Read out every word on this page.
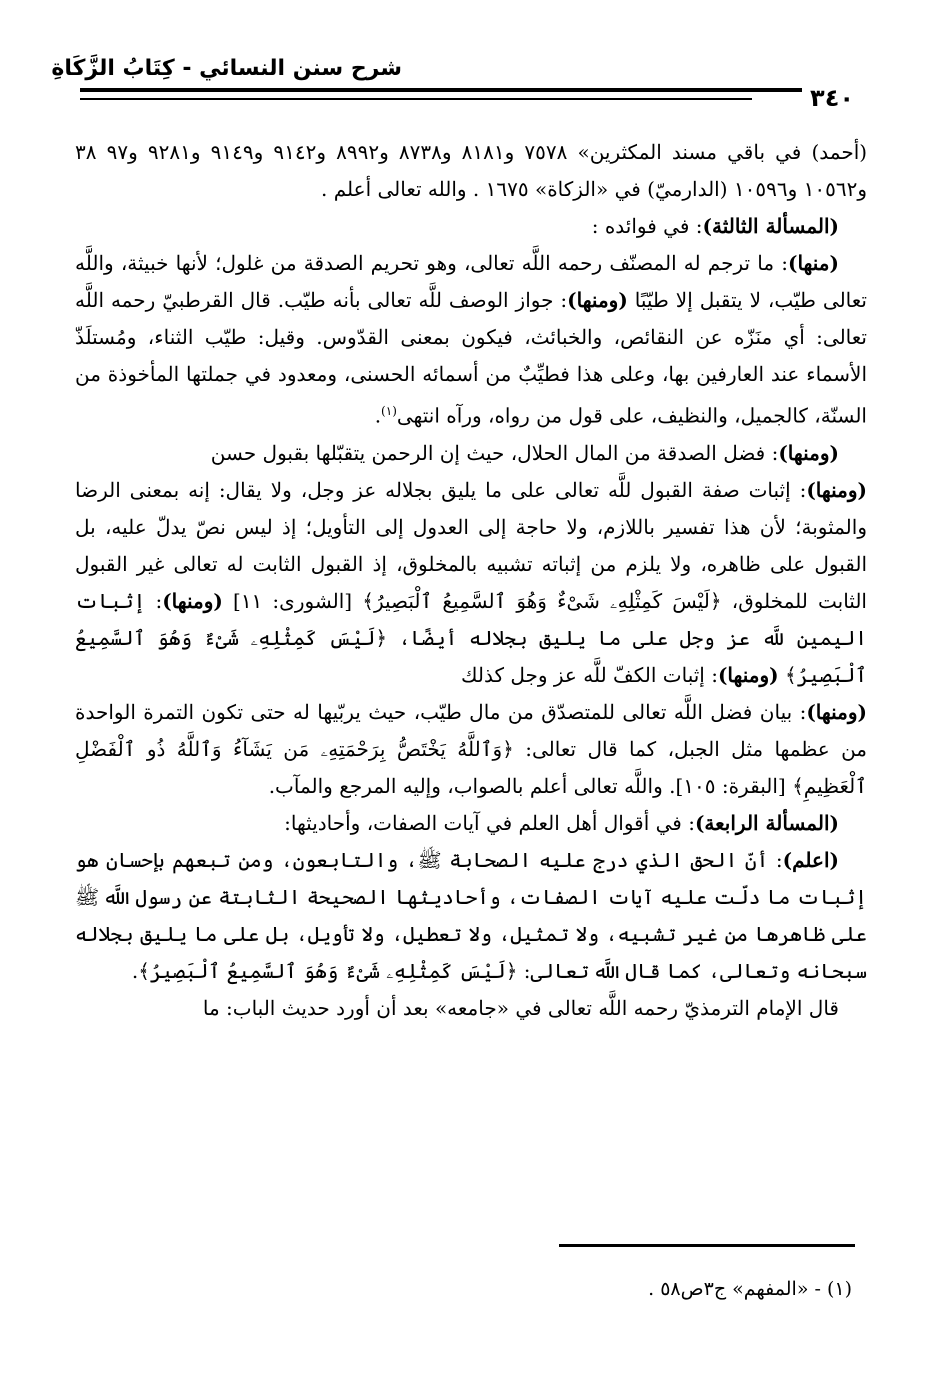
شرح سنن النسائي - كِتَابُ الزَّكَاةِ
٣٤٠

(أحمد) في باقي مسند المكثرين» ٧٥٧٨ و٨١٨١ و٨٧٣٨ و٨٩٩٢ و٩١٤٢ و٩١٤٩ و٩٢٨١ و٩٧ ٣٨ و١٠٥٦٢ و١٠٥٩٦ (الدارميّ) في «الزكاة» ١٦٧٥ . والله تعالى أعلم .

(المسألة الثالثة): في فوائده :

(منها): ما ترجم له المصنّف رحمه اللَّه تعالى، وهو تحريم الصدقة من غلول؛ لأنها خبيثة، واللَّه تعالى طيّب، لا يتقبل إلا طيّبًا (ومنها): جواز الوصف للَّه تعالى بأنه طيّب. قال القرطبيّ رحمه اللَّه تعالى: أي منَزّه عن النقائص، والخبائث، فيكون بمعنى القدّوس. وقيل: طيّب الثناء، ومُستلَذّ الأسماء عند العارفين بها، وعلى هذا فطيِّبٌ من أسمائه الحسنى، ومعدود في جملتها المأخوذة من السنّة، كالجميل، والنظيف، على قول من رواه، ورآه انتهى$^{(١)}$.

(ومنها): فضل الصدقة من المال الحلال، حيث إن الرحمن يتقبّلها بقبول حسن

(ومنها): إثبات صفة القبول للَّه تعالى على ما يليق بجلاله عز وجل، ولا يقال: إنه بمعنى الرضا والمثوبة؛ لأن هذا تفسير باللازم، ولا حاجة إلى العدول إلى التأويل؛ إذ ليس نصّ يدلّ عليه، بل القبول على ظاهره، ولا يلزم من إثباته تشبيه بالمخلوق، إذ القبول الثابت له تعالى غير القبول الثابت للمخلوق، ﴿لَيْسَ كَمِثْلِهِۦ شَىْءٌ وَهُوَ ٱلسَّمِيعُ ٱلْبَصِيرُ﴾ [الشورى: ١١] (ومنها): إثبات اليمين للَّه عز وجل على ما يليق بجلاله أيضًا، ﴿لَيْسَ كَمِثْلِهِۦ شَىْءٌ وَهُوَ ٱلسَّمِيعُ ٱلْبَصِيرُ﴾ (ومنها): إثبات الكفّ للَّه عز وجل كذلك

(ومنها): بيان فضل اللَّه تعالى للمتصدّق من مال طيّب، حيث يربّيها له حتى تكون التمرة الواحدة من عظمها مثل الجبل، كما قال تعالى: ﴿وَٱللَّهُ يَخْتَصُّ بِرَحْمَتِهِۦ مَن يَشَآءُ وَٱللَّهُ ذُو ٱلْفَضْلِ ٱلْعَظِيمِ﴾ [البقرة: ١٠٥]. واللَّه تعالى أعلم بالصواب، وإليه المرجع والمآب.

(المسألة الرابعة): في أقوال أهل العلم في آيات الصفات، وأحاديثها:

(اعلم): أنّ الحق الذي درج عليه الصحابة ﷺ، والتابعون، ومن تبعهم بإحسان هو إثبات ما دلّت عليه آيات الصفات، وأحاديثها الصحيحة الثابتة عن رسول اللَّه ﷺ على ظاهرها من غير تشبيه، ولا تمثيل، ولا تعطيل، ولا تأويل، بل على ما يليق بجلاله سبحانه وتعالى، كما قال اللَّه تعالى: ﴿لَيْسَ كَمِثْلِهِۦ شَىْءٌ وَهُوَ ٱلسَّمِيعُ ٱلْبَصِيرُ﴾.

قال الإمام الترمذيّ رحمه اللَّه تعالى في «جامعه» بعد أن أورد حديث الباب: ما

(١) - «المفهم» ج٣ص٥٨ .
